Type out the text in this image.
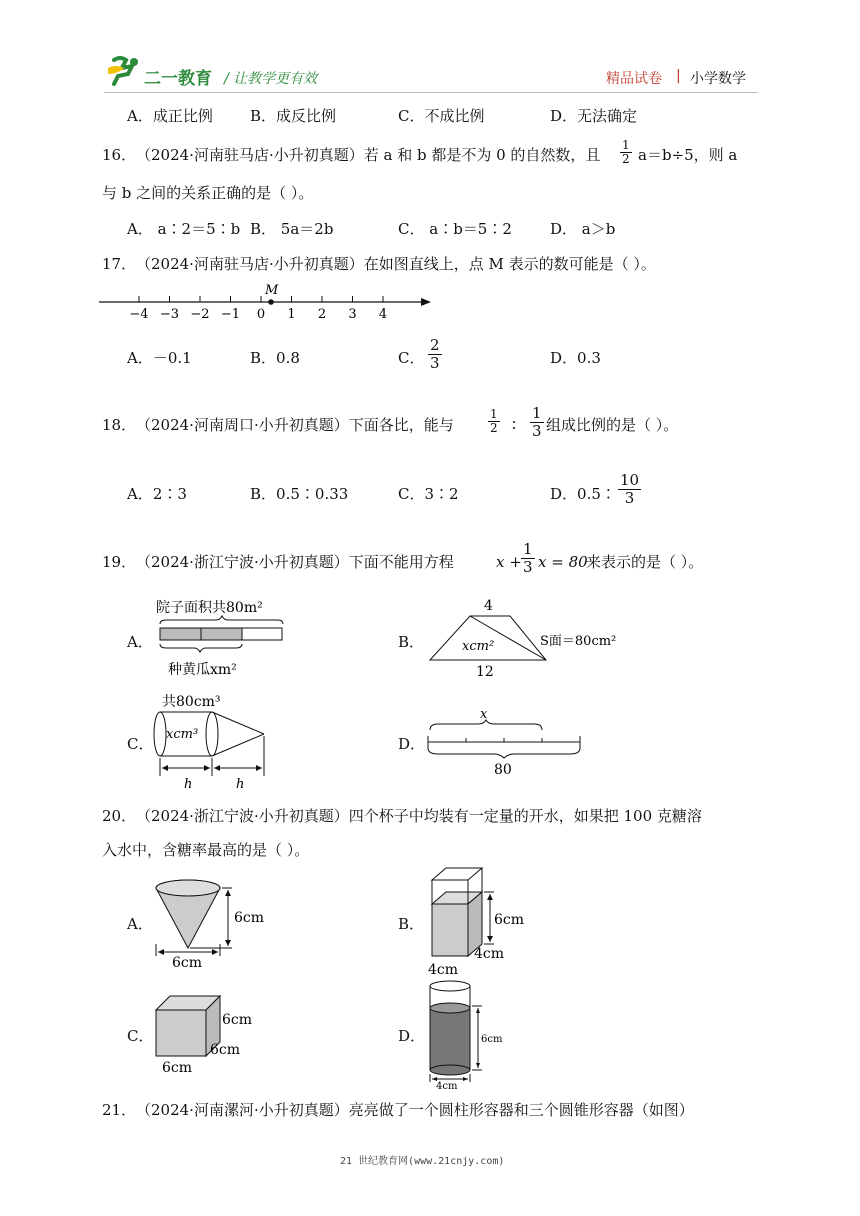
二一教育 / 让教学更有效	精品试卷 | 小学数学
A．成正比例 B．成反比例	C．不成比例	D．无法确定
16． （2024·河南驻马店·小升初真题）若 a 和 b 都是不为 0 的自然数，且 $\frac{1}{2} a=b\div 5$，则 a
与 b 之间的关系正确的是（ ）。
A． a∶2＝5∶b B． 5a＝2b	C． a∶b＝5∶2	D． a＞b
17． （2024·河南驻马店·小升初真题）在如图直线上，点 M 表示的数可能是（ ）。
−4 −3 −2 −1 0 1 2 3 4
M
A．－0.1	B．0.8	C． $\frac{2}{3}$	D．0.3
18． （2024·河南周口·小升初真题）下面各比，能与	$\frac{1}{2}$ ∶ $\frac{1}{3}$ 组成比例的是（ ）。
A．2∶3	B．0.5∶0.33	C．3∶2	D．0.5∶ $\frac{10}{3}$
19． （2024·浙江宁波·小升初真题）下面不能用方程	$x + \frac{1}{3}$ x = 80
来表示的是（ ）。
A．
院子面积共80m²
种黄瓜xm²
B．
4
xcm²	S面＝80cm²
12
C．
共80cm³
xcm³
h	h
D．
x
80
20． （2024·浙江宁波·小升初真题）四个杯子中均装有一定量的开水，如果把 100 克糖溶
入水中，含糖率最高的是（ ）。
A．	6cm
6cm
B．	6cm
4cm
4cm
C．
6cm
6cm
6cm
D．	6cm
4cm
21． （2024·河南漯河·小升初真题）亮亮做了一个圆柱形容器和三个圆锥形容器（如图）
21 世纪教育网(www.21cnjy.com)
